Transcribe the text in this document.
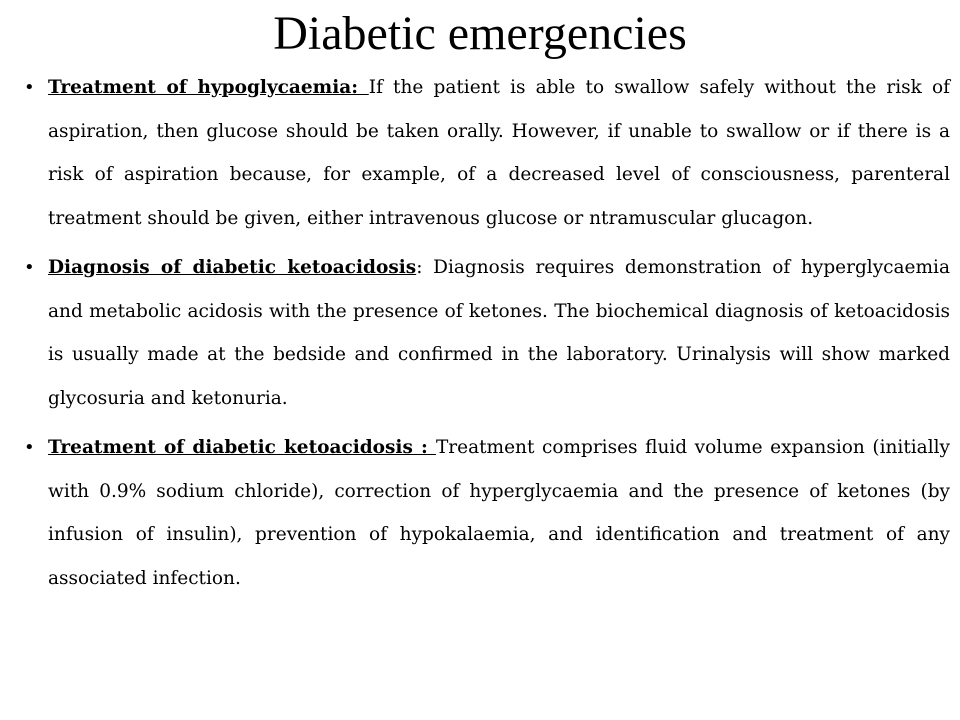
Diabetic emergencies
• Treatment of hypoglycaemia: If the patient is able to swallow safely without the risk of aspiration, then glucose should be taken orally. However, if unable to swallow or if there is a risk of aspiration because, for example, of a decreased level of consciousness, parenteral treatment should be given, either intravenous glucose or ntramuscular glucagon.
• Diagnosis of diabetic ketoacidosis: Diagnosis requires demonstration of hyperglycaemia and metabolic acidosis with the presence of ketones. The biochemical diagnosis of ketoacidosis is usually made at the bedside and confirmed in the laboratory. Urinalysis will show marked glycosuria and ketonuria.
• Treatment of diabetic ketoacidosis : Treatment comprises fluid volume expansion (initially with 0.9% sodium chloride), correction of hyperglycaemia and the presence of ketones (by infusion of insulin), prevention of hypokalaemia, and identification and treatment of any associated infection.
